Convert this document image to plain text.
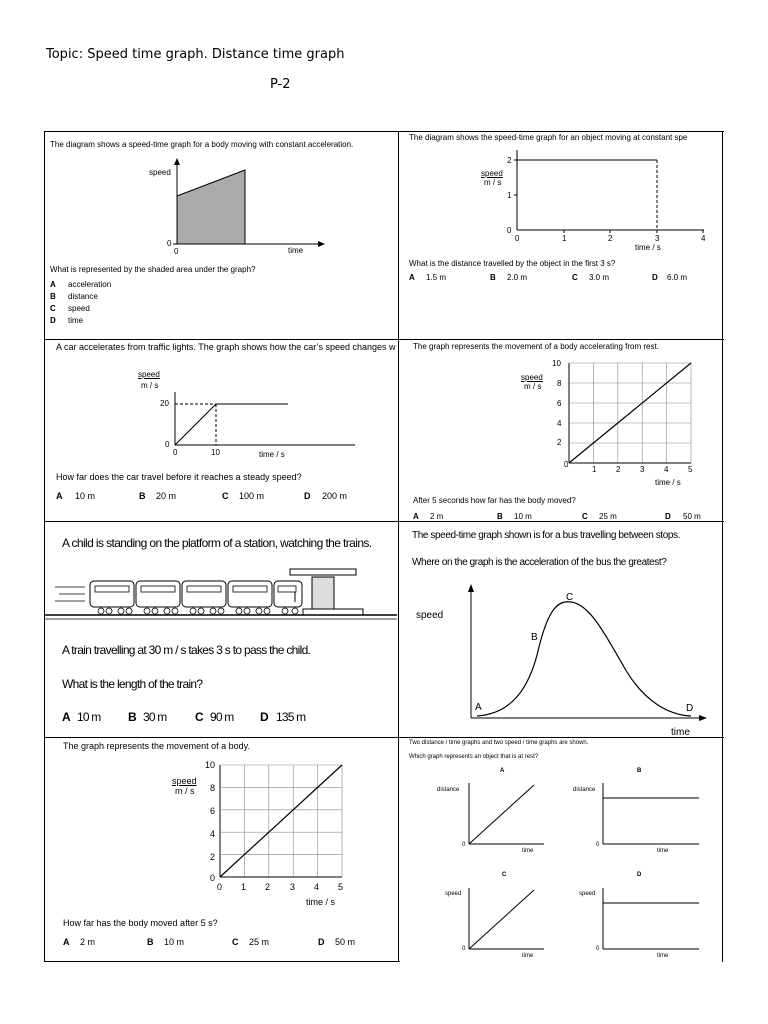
Topic: Speed time graph. Distance time graph
P-2
The diagram shows a speed-time graph for a body moving with constant acceleration.
speed
0
0	time
What is represented by the shaded area under the graph?
A acceleration
B distance
C speed
D time
The diagram shows the speed-time graph for an object moving at constant spe
speed
m / s
2
1
0
0	1	2	3	4
time / s
What is the distance travelled by the object in the first 3 s?
A 1.5 m	B 2.0 m	C 3.0 m	D 6.0 m
A car accelerates from traffic lights. The graph shows how the car’s speed changes w
speed
m / s
20
0
0	10	time / s
How far does the car travel before it reaches a steady speed?
A 10 m	B 20 m	C 100 m	D 200 m
The graph represents the movement of a body accelerating from rest.
speed
m / s
10
8
6
4
2
0
1 2 3 4 5
time / s
After 5 seconds how far has the body moved?
A 2 m	B 10 m	C 25 m	D 50 m
A child is standing on the platform of a station, watching the trains.
A train travelling at 30 m / s takes 3 s to pass the child.
What is the length of the train?
A 10 m B 30 m C 90 m D 135 m
The speed-time graph shown is for a bus travelling between stops.
Where on the graph is the acceleration of the bus the greatest?
speed
time
A
B
C
D
The graph represents the movement of a body.
speed
m / s
10
8
6
4
2
0
0 1 2 3 4 5
time / s
How far has the body moved after 5 s?
A 2 m	B 10 m	C 25 m	D 50 m
Two distance / time graphs and two speed / time graphs are shown.
Which graph represents an object that is at rest?
A
distance
0
time
B
distance
0
time
C
speed
0
time
D
speed
0
time
